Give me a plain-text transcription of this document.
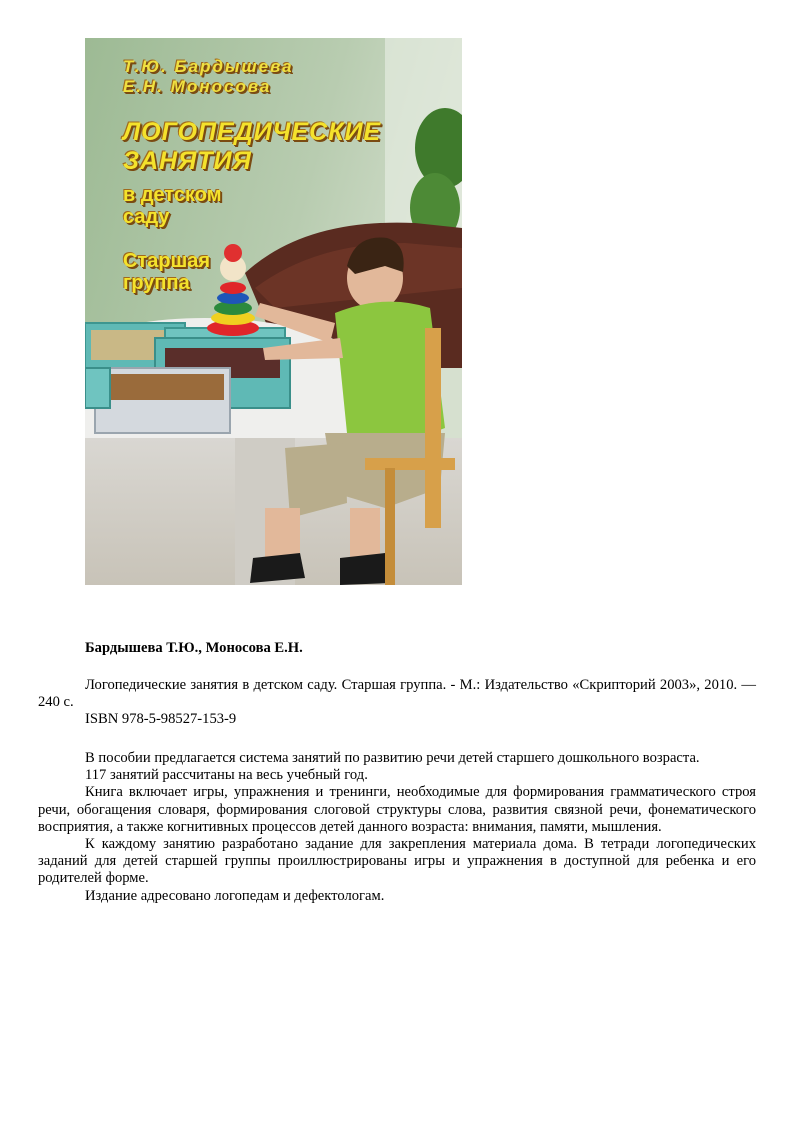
Т.Ю. Бардышева
Е.Н. Моносова
ЛОГОПЕДИЧЕСКИЕ
ЗАНЯТИЯ
в детском
саду
Старшая
группа
Бардышева Т.Ю., Моносова Е.Н.

Логопедические занятия в детском саду. Старшая группа. - М.: Издательство «Скрипторий 2003», 2010. — 240 с.

ISBN 978-5-98527-153-9

В пособии предлагается система занятий по развитию речи детей старшего дошкольного возраста.

117 занятий рассчитаны на весь учебный год.

Книга включает игры, упражнения и тренинги, необходимые для формирования грамматического строя речи, обогащения словаря, формирования слоговой структуры слова, развития связной речи, фонематического восприятия, а также когнитивных процессов детей данного возраста: внимания, памяти, мышления.

К каждому занятию разработано задание для закрепления материала дома. В тетради логопедических заданий для детей старшей группы проиллюстрированы игры и упражнения в доступной для ребенка и его родителей форме.

Издание адресовано логопедам и дефектологам.
